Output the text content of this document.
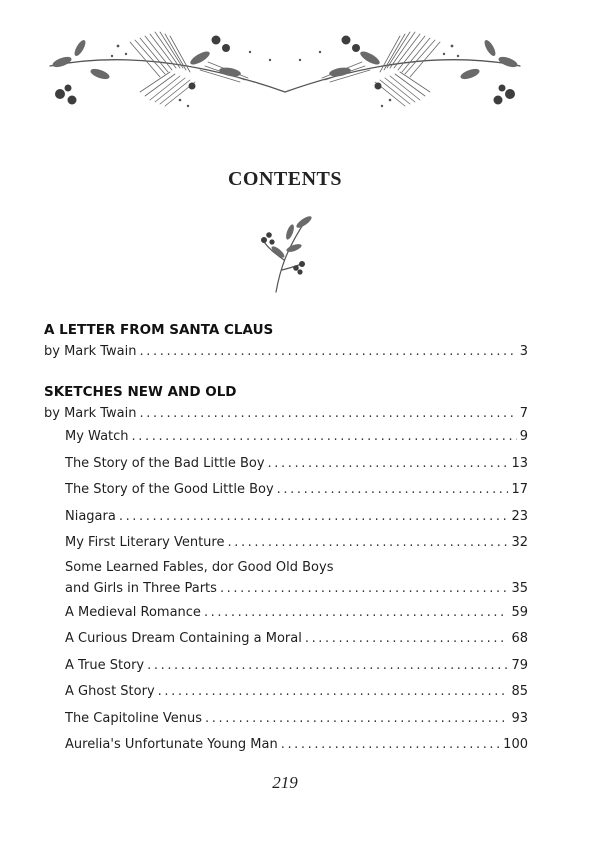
CONTENTS
A LETTER FROM SANTA CLAUS
by Mark Twain .....	3
SKETCHES NEW AND OLD
by Mark Twain .....	7
My Watch .....	9
The Story of the Bad Little Boy .....	13
The Story of the Good Little Boy .....	17
Niagara .....	23
My First Literary Venture .....	32
Some Learned Fables, dor Good Old Boys
and Girls in Three Parts .....	35
A Medieval Romance .....	59
A Curious Dream Containing a Moral .....	68
A True Story .....	79
A Ghost Story .....	85
The Capitoline Venus .....	93
Aurelia's Unfortunate Young Man .....	100
219
